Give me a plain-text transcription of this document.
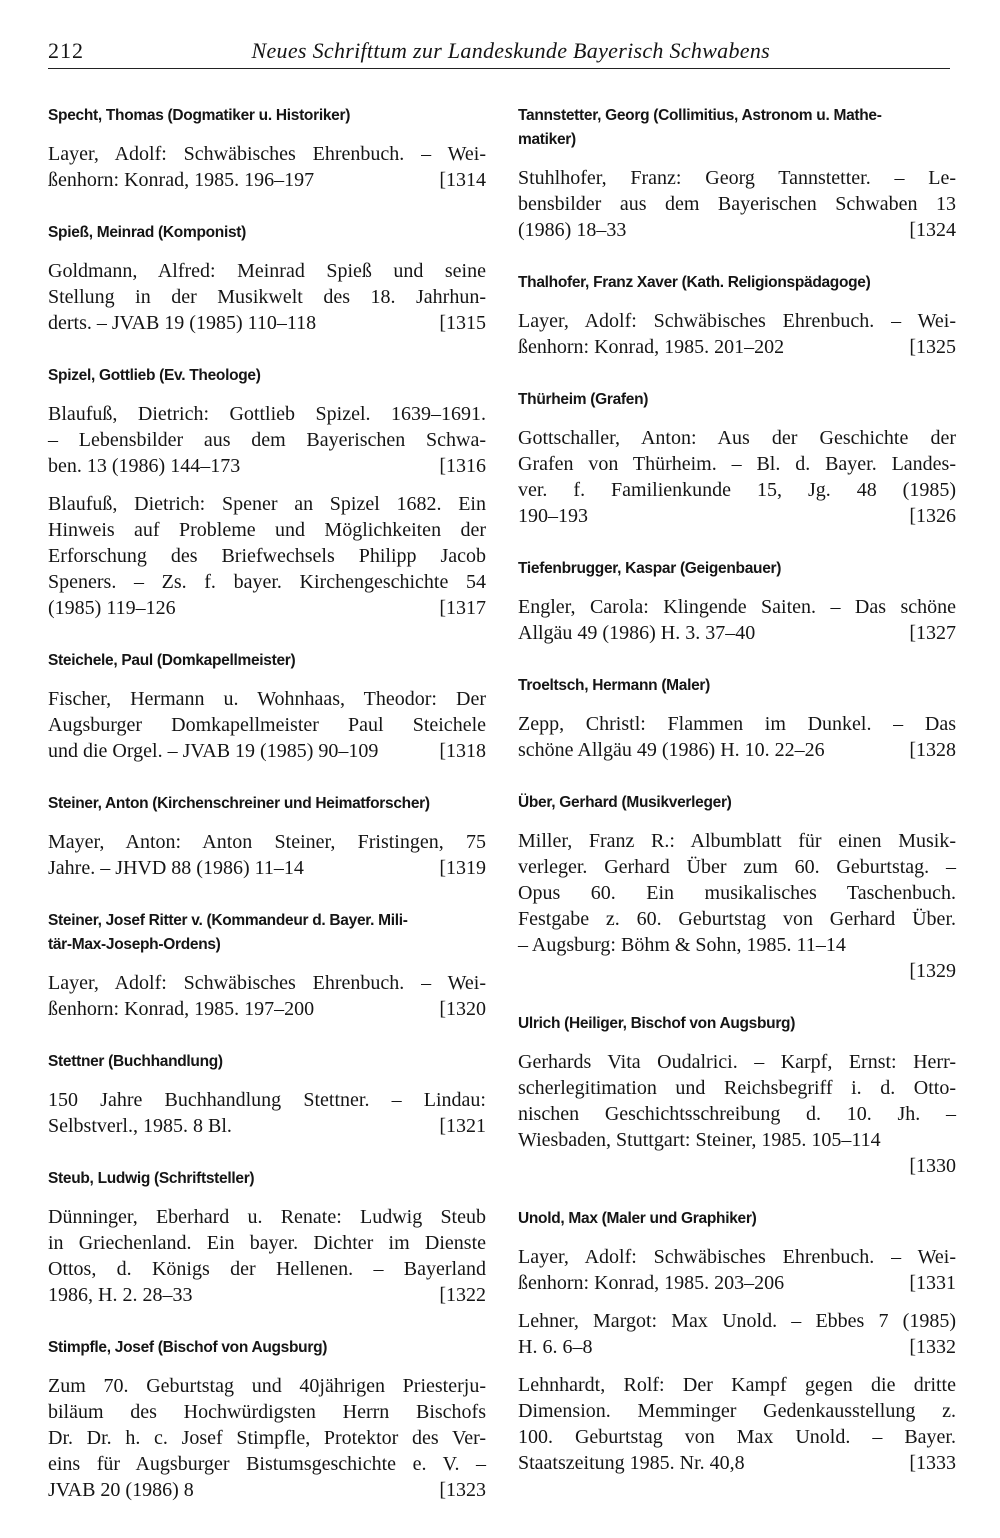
212	Neues Schrifttum zur Landeskunde Bayerisch Schwabens
Specht, Thomas (Dogmatiker u. Historiker)
Layer, Adolf: Schwäbisches Ehrenbuch. – Wei-
ßenhorn: Konrad, 1985. 196–197	[1314
Spieß, Meinrad (Komponist)
Goldmann, Alfred: Meinrad Spieß und seine
Stellung in der Musikwelt des 18. Jahrhun-
derts. – JVAB 19 (1985) 110–118	[1315
Spizel, Gottlieb (Ev. Theologe)
Blaufuß, Dietrich: Gottlieb Spizel. 1639–1691.
– Lebensbilder aus dem Bayerischen Schwa-
ben. 13 (1986) 144–173	[1316
Blaufuß, Dietrich: Spener an Spizel 1682. Ein
Hinweis auf Probleme und Möglichkeiten der
Erforschung des Briefwechsels Philipp Jacob
Speners. – Zs. f. bayer. Kirchengeschichte 54
(1985) 119–126	[1317
Steichele, Paul (Domkapellmeister)
Fischer, Hermann u. Wohnhaas, Theodor: Der
Augsburger Domkapellmeister Paul Steichele
und die Orgel. – JVAB 19 (1985) 90–109	[1318
Steiner, Anton (Kirchenschreiner und Heimatforscher)
Mayer, Anton: Anton Steiner, Fristingen, 75
Jahre. – JHVD 88 (1986) 11–14	[1319
Steiner, Josef Ritter v. (Kommandeur d. Bayer. Mili-
tär-Max-Joseph-Ordens)
Layer, Adolf: Schwäbisches Ehrenbuch. – Wei-
ßenhorn: Konrad, 1985. 197–200	[1320
Stettner (Buchhandlung)
150 Jahre Buchhandlung Stettner. – Lindau:
Selbstverl., 1985. 8 Bl.	[1321
Steub, Ludwig (Schriftsteller)
Dünninger, Eberhard u. Renate: Ludwig Steub
in Griechenland. Ein bayer. Dichter im Dienste
Ottos, d. Königs der Hellenen. – Bayerland
1986, H. 2. 28–33	[1322
Stimpfle, Josef (Bischof von Augsburg)
Zum 70. Geburtstag und 40jährigen Priesterju-
biläum des Hochwürdigsten Herrn Bischofs
Dr. Dr. h. c. Josef Stimpfle, Protektor des Ver-
eins für Augsburger Bistumsgeschichte e. V. –
JVAB 20 (1986) 8	[1323
Tannstetter, Georg (Collimitius, Astronom u. Mathe-
matiker)
Stuhlhofer, Franz: Georg Tannstetter. – Le-
bensbilder aus dem Bayerischen Schwaben 13
(1986) 18–33	[1324
Thalhofer, Franz Xaver (Kath. Religionspädagoge)
Layer, Adolf: Schwäbisches Ehrenbuch. – Wei-
ßenhorn: Konrad, 1985. 201–202	[1325
Thürheim (Grafen)
Gottschaller, Anton: Aus der Geschichte der
Grafen von Thürheim. – Bl. d. Bayer. Landes-
ver. f. Familienkunde 15, Jg. 48 (1985)
190–193	[1326
Tiefenbrugger, Kaspar (Geigenbauer)
Engler, Carola: Klingende Saiten. – Das schöne
Allgäu 49 (1986) H. 3. 37–40	[1327
Troeltsch, Hermann (Maler)
Zepp, Christl: Flammen im Dunkel. – Das
schöne Allgäu 49 (1986) H. 10. 22–26	[1328
Über, Gerhard (Musikverleger)
Miller, Franz R.: Albumblatt für einen Musik-
verleger. Gerhard Über zum 60. Geburtstag. –
Opus 60. Ein musikalisches Taschenbuch.
Festgabe z. 60. Geburtstag von Gerhard Über.
– Augsburg: Böhm & Sohn, 1985. 11–14
[1329
Ulrich (Heiliger, Bischof von Augsburg)
Gerhards Vita Oudalrici. – Karpf, Ernst: Herr-
scherlegitimation und Reichsbegriff i. d. Otto-
nischen Geschichtsschreibung d. 10. Jh. –
Wiesbaden, Stuttgart: Steiner, 1985. 105–114
[1330
Unold, Max (Maler und Graphiker)
Layer, Adolf: Schwäbisches Ehrenbuch. – Wei-
ßenhorn: Konrad, 1985. 203–206	[1331
Lehner, Margot: Max Unold. – Ebbes 7 (1985)
H. 6. 6–8	[1332
Lehnhardt, Rolf: Der Kampf gegen die dritte
Dimension. Memminger Gedenkausstellung z.
100. Geburtstag von Max Unold. – Bayer.
Staatszeitung 1985. Nr. 40,8	[1333
